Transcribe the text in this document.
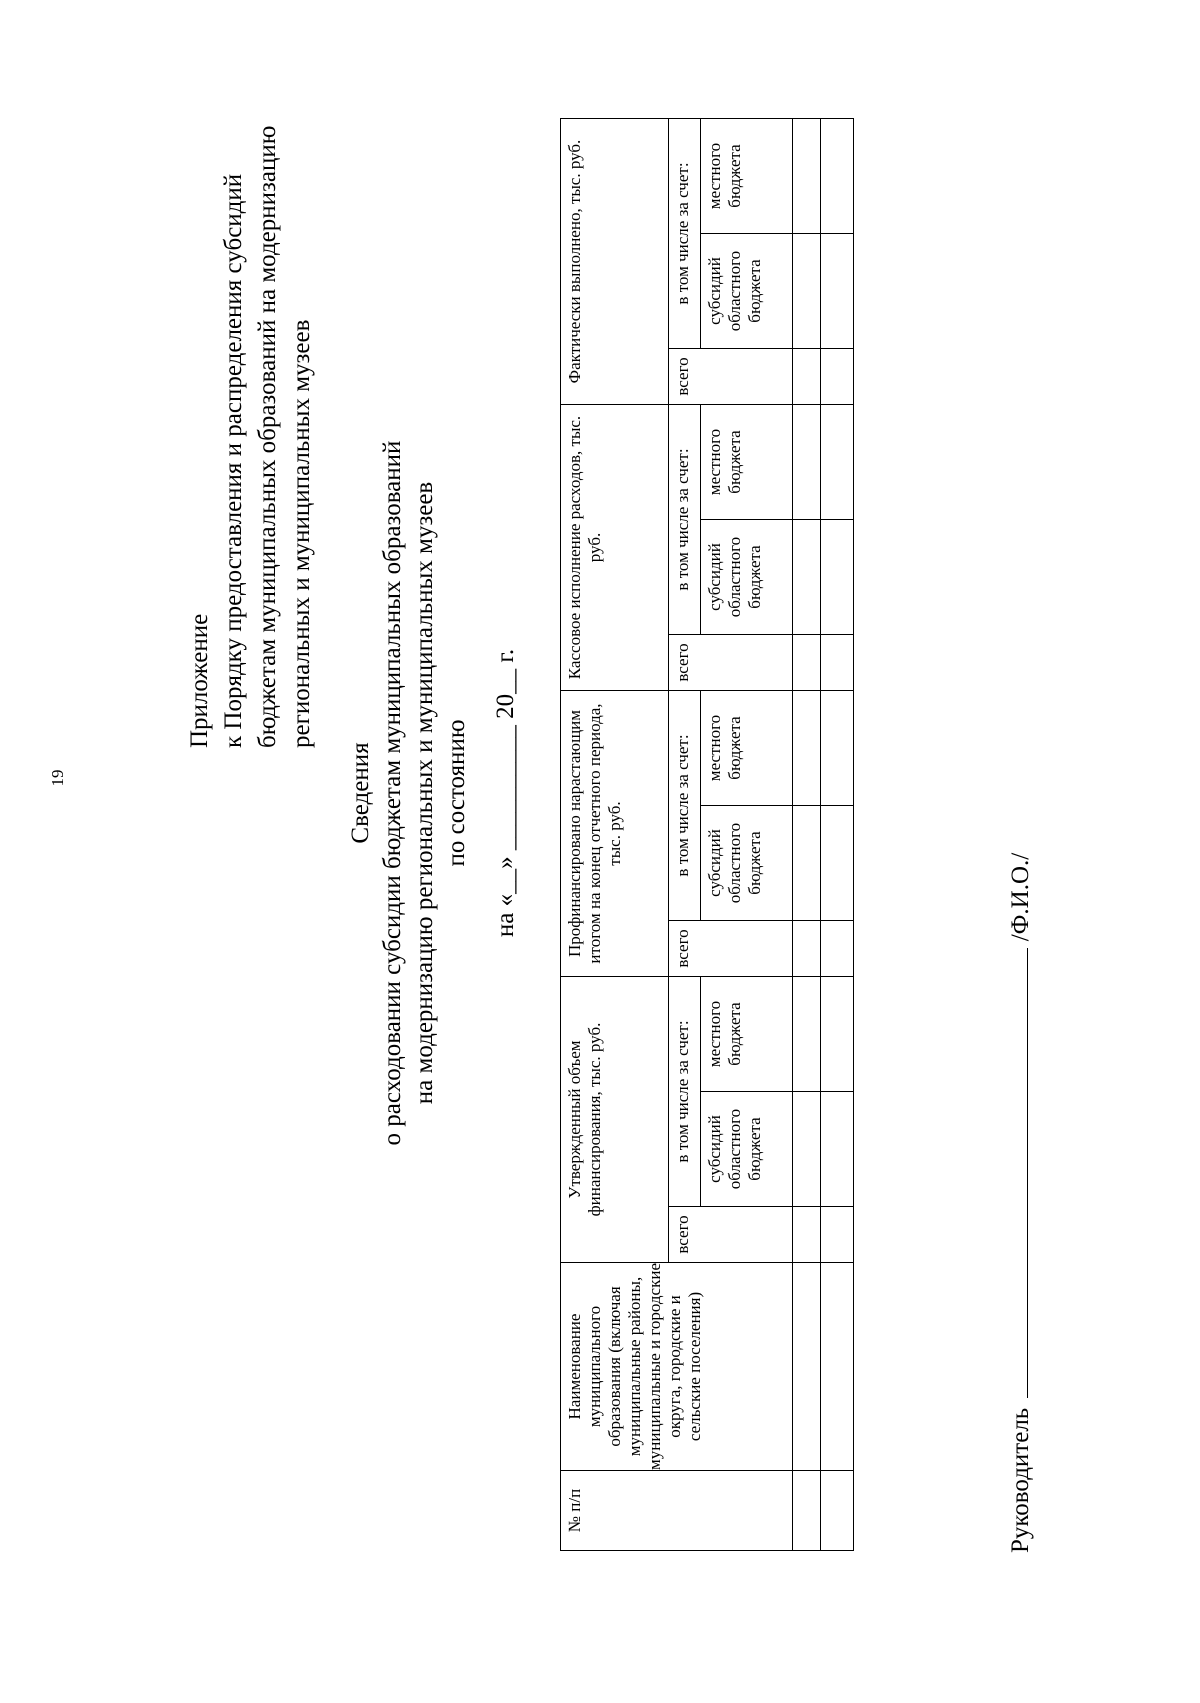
19
Приложение к Порядку предоставления и распределения субсидий бюджетам муниципальных образований на модернизацию региональных и муниципальных музеев
Сведения о расходовании субсидии бюджетам муниципальных образований на модернизацию региональных и муниципальных музеев по состоянию на «__» __________ 20__ г.
№ п/п	Наименование муниципального образования (включая муниципальные районы, муниципальные и городские округа, городские и сельские поселения)	Утвержденный объем финансирования, тыс. руб.			Профинансировано нарастающим итогом на конец отчетного периода, тыс. руб.			Кассовое исполнение расходов, тыс. руб.			Фактически выполнено, тыс. руб.		
		всего	в том числе за счет:		всего	в том числе за счет:		всего	в том числе за счет:		всего	в том числе за счет:	
			субсидий областного бюджета	местного бюджета		субсидий областного бюджета	местного бюджета		субсидий областного бюджета	местного бюджета		субсидий областного бюджета	местного бюджета

Руководитель  /Ф.И.О./
